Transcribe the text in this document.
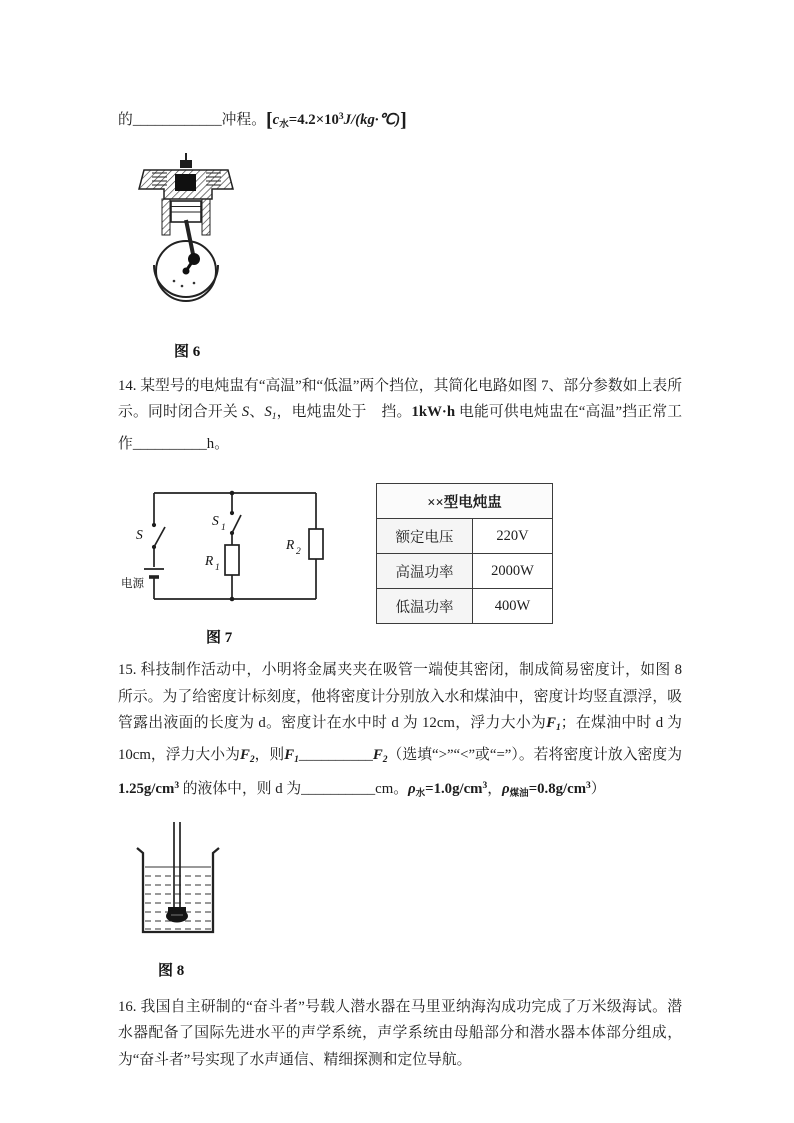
的____________冲程。$[c_水=4.2\times 10^3J/(kg\cdot℃)]$

图 6

14. 某型号的电炖盅有“高温”和“低温”两个挡位，其简化电路如图 7、部分参数如上表所示。同时闭合开关 S、$S_1$，电炖盅处于　挡。1kW·h 电能可供电炖盅在“高温”挡正常工作__________h。

S
S 1
R 1
R 2
电源
图 7
××型电炖盅	
额定电压	220V
高温功率	2000W
低温功率	400W

15. 科技制作活动中，小明将金属夹夹在吸管一端使其密闭，制成简易密度计，如图 8 所示。为了给密度计标刻度，他将密度计分别放入水和煤油中，密度计均竖直漂浮，吸管露出液面的长度为 d。密度计在水中时 d 为 12cm，浮力大小为$F_1$；在煤油中时 d 为 10cm，浮力大小为$F_2$，则$F_1\_\_\_\_\_\_\_\_\_\_F_2$（选填“>”“<”或“=”）。若将密度计放入密度为$1.25g/cm^3$ 的液体中，则 d 为__________cm。$\rho_水=1.0g/cm^3$，$\rho_{煤油}=0.8g/cm^3$）

图 8

16. 我国自主研制的“奋斗者”号载人潜水器在马里亚纳海沟成功完成了万米级海试。潜水器配备了国际先进水平的声学系统，声学系统由母船部分和潜水器本体部分组成，为“奋斗者”号实现了水声通信、精细探测和定位导航。
